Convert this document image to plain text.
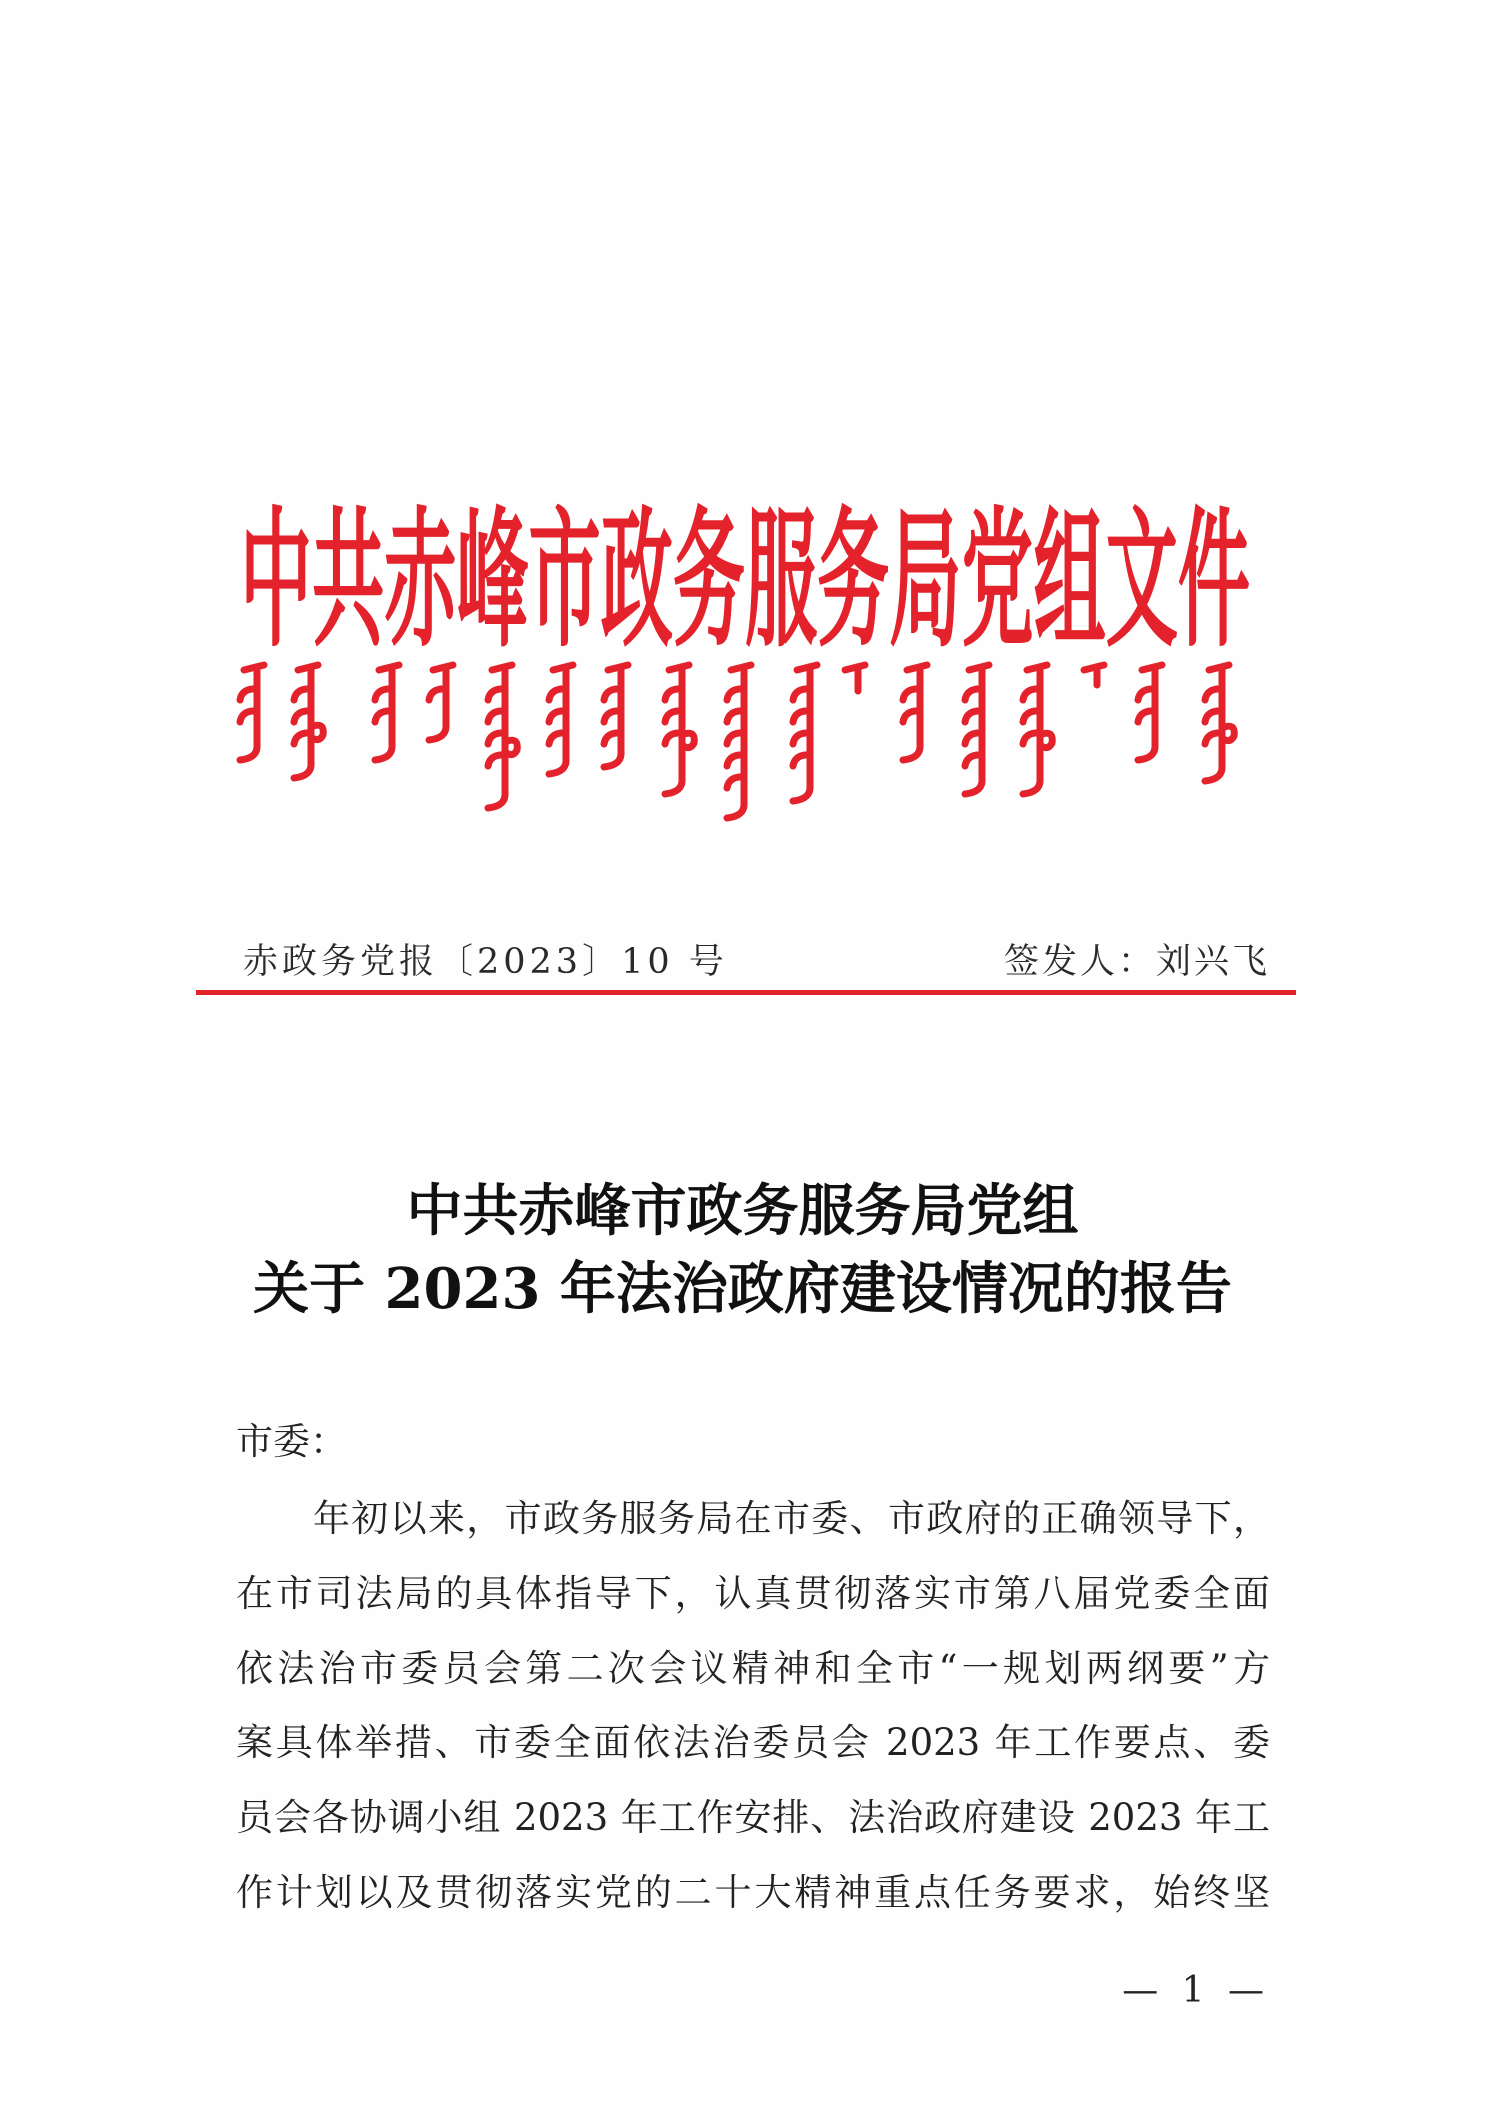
中共赤峰市政务服务局党组文件
赤政务党报〔2023〕10 号	签发人：刘兴飞
中共赤峰市政务服务局党组
关于 2023 年法治政府建设情况的报告
市委：
年初以来，市政务服务局在市委、市政府的正确领导下，
在市司法局的具体指导下，认真贯彻落实市第八届党委全面
依法治市委员会第二次会议精神和全市“一规划两纲要”方
案具体举措、市委全面依法治委员会 2023 年工作要点、委
员会各协调小组 2023 年工作安排、法治政府建设 2023 年工
作计划以及贯彻落实党的二十大精神重点任务要求，始终坚
— 1 —
